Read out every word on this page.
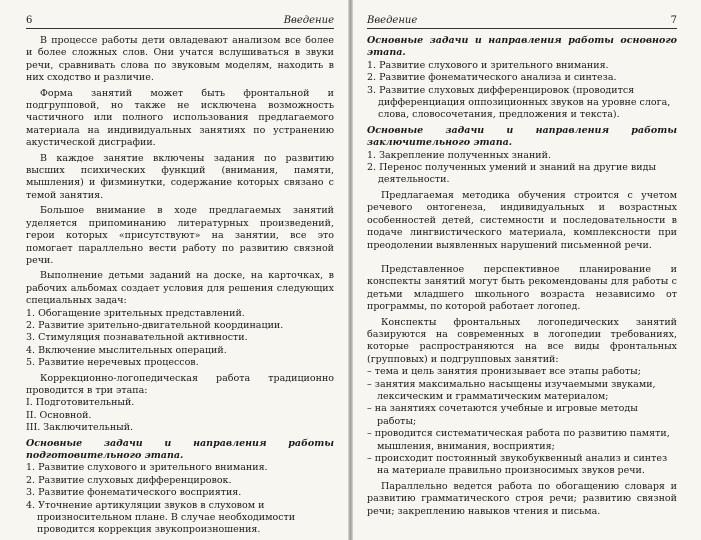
6	Введение

В процессе работы дети овладевают анализом все более и более сложных слов. Они учатся вслушиваться в звуки речи, сравнивать слова по звуковым моделям, находить в них сходство и различие.

Форма занятий может быть фронтальной и подгрупповой, но также не исключена возможность частичного или полного использования предлагаемого материала на индивидуальных занятиях по устранению акустической дисграфии.

В каждое занятие включены задания по развитию высших психических функций (внимания, памяти, мышления) и физминутки, содержание которых связано с темой занятия.

Большое внимание в ходе предлагаемых занятий уделяется припоминанию литературных произведений, герои которых «присутствуют» на занятии, все это помогает параллельно вести работу по развитию связной речи.

Выполнение детьми заданий на доске, на карточках, в рабочих альбомах создает условия для решения следующих специальных задач:

1. Обогащение зрительных представлений.
2. Развитие зрительно-двигательной координации.
3. Стимуляция познавательной активности.
4. Включение мыслительных операций.
5. Развитие неречевых процессов.

Коррекционно-логопедическая работа традиционно проводится в три этапа:

I. Подготовительный.
II. Основной.
III. Заключительный.

Основные задачи и направления работы подготовительного этапа.

1. Развитие слухового и зрительного внимания.
2. Развитие слуховых дифференцировок.
3. Развитие фонематического восприятия.
4. Уточнение артикуляции звуков в слуховом и произносительном плане. В случае необходимости проводится коррекция звукопроизношения.
Введение	7

Основные задачи и направления работы основного этапа.

1. Развитие слухового и зрительного внимания.
2. Развитие фонематического анализа и синтеза.
3. Развитие слуховых дифференцировок (проводится дифференциация оппозиционных звуков на уровне слога, слова, словосочетания, предложения и текста).

Основные задачи и направления работы заключительного этапа.

1. Закрепление полученных знаний.
2. Перенос полученных умений и знаний на другие виды деятельности.

Предлагаемая методика обучения строится с учетом речевого онтогенеза, индивидуальных и возрастных особенностей детей, системности и последовательности в подаче лингвистического материала, комплексности при преодолении выявленных нарушений письменной речи.

Представленное перспективное планирование и конспекты занятий могут быть рекомендованы для работы с детьми младшего школьного возраста независимо от программы, по которой работает логопед.

Конспекты фронтальных логопедических занятий базируются на современных в логопедии требованиях, которые распространяются на все виды фронтальных (групповых) и подгрупповых занятий:

– тема и цель занятия пронизывает все этапы работы;
– занятия максимально насыщены изучаемыми звуками, лексическим и грамматическим материалом;
– на занятиях сочетаются учебные и игровые методы работы;
– проводится систематическая работа по развитию памяти, мышления, внимания, восприятия;
– происходит постоянный звукобуквенный анализ и синтез на материале правильно произносимых звуков речи.

Параллельно ведется работа по обогащению словаря и развитию грамматического строя речи; развитию связной речи; закреплению навыков чтения и письма.
